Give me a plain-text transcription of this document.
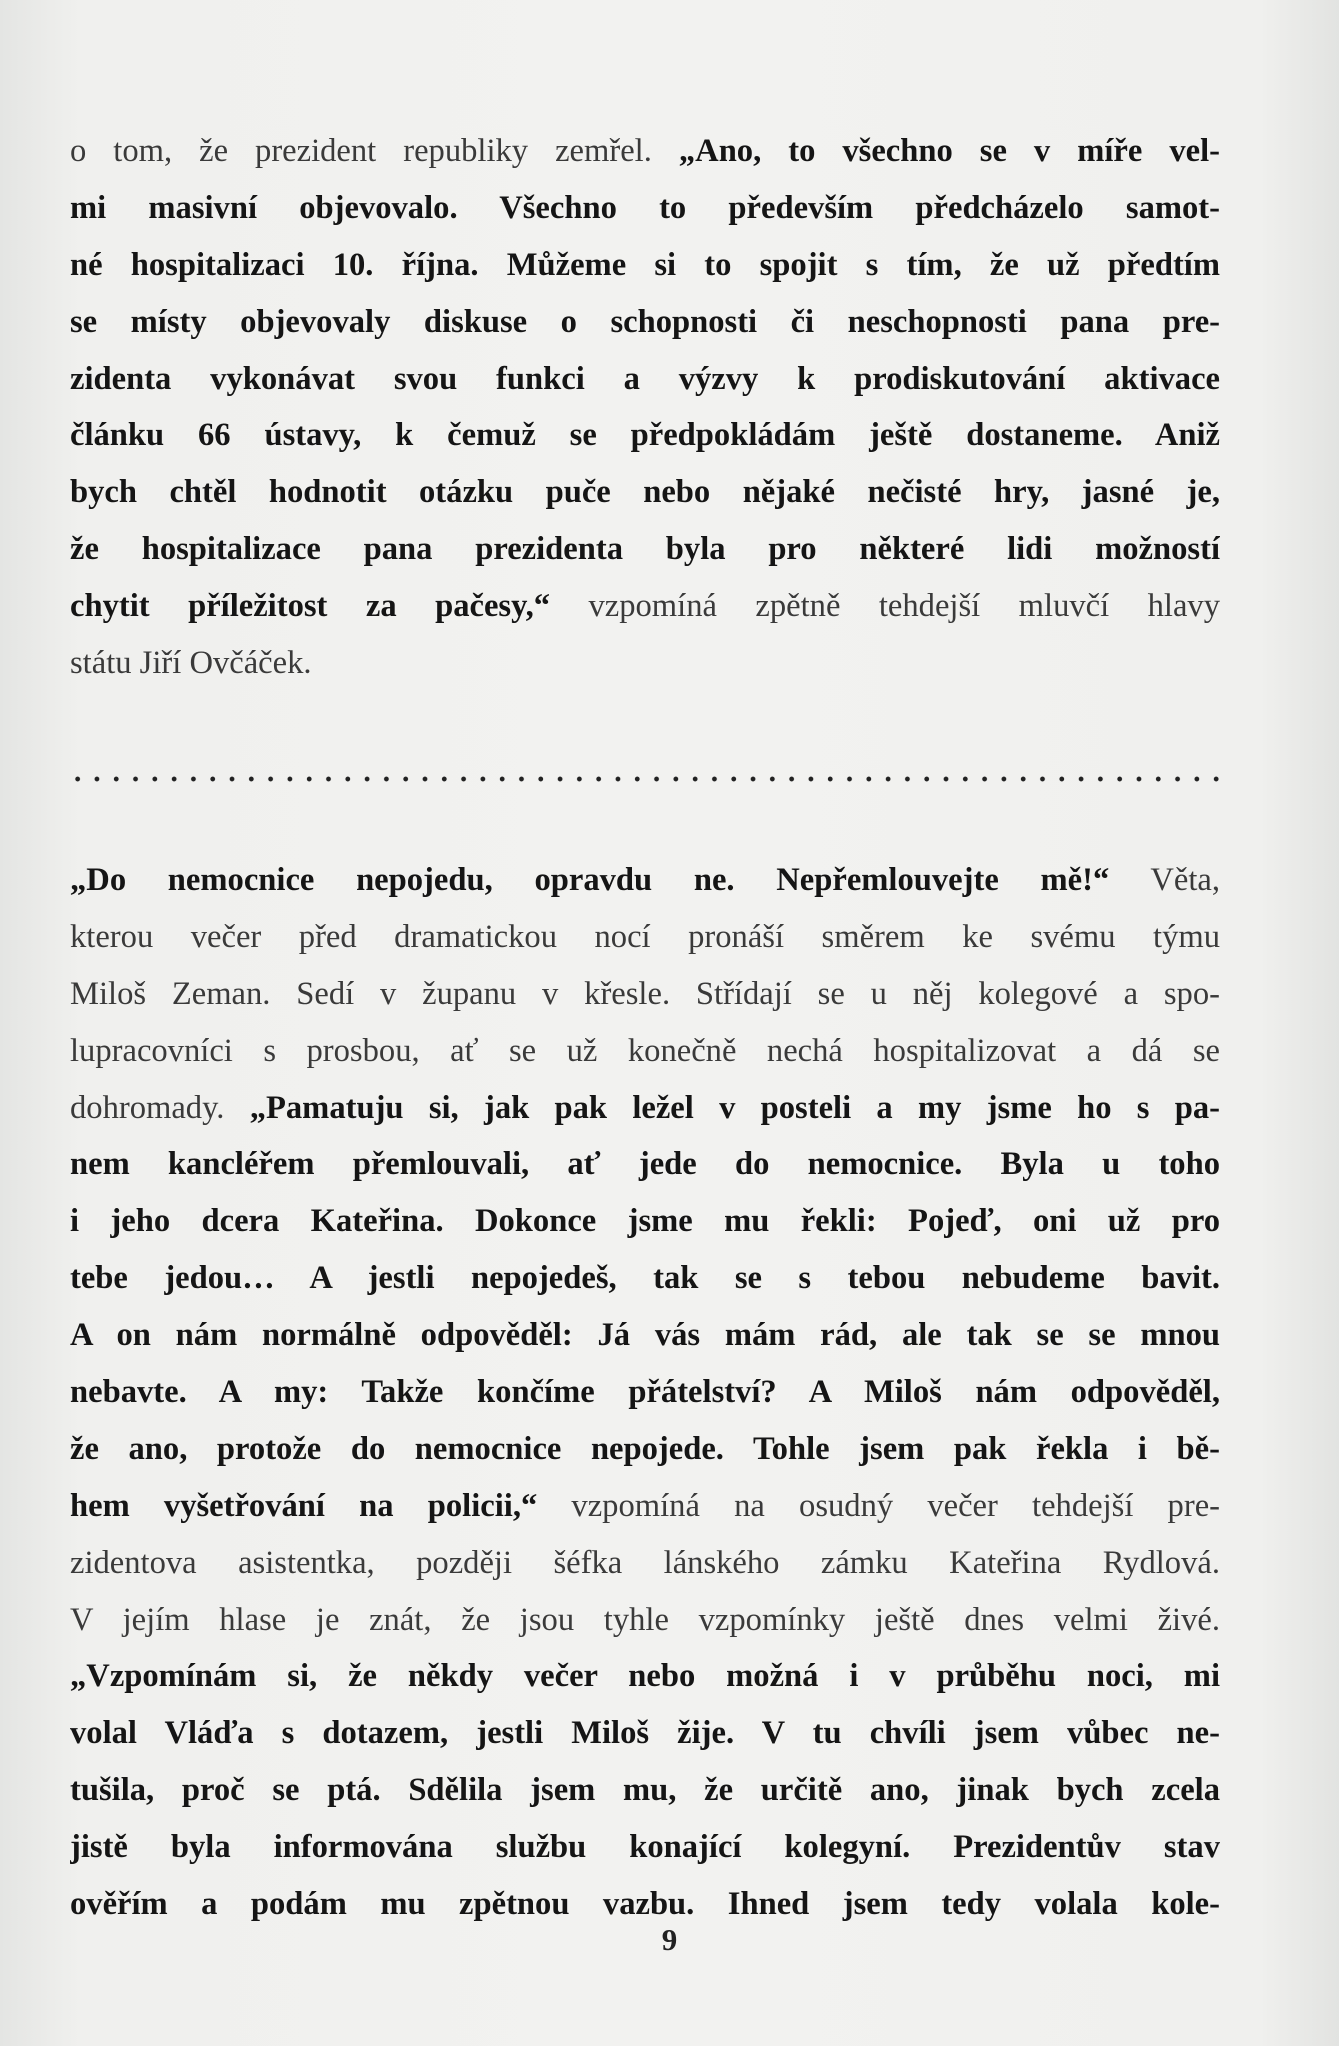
o tom, že prezident republiky zemřel. „Ano, to všechno se v míře vel-
mi masivní objevovalo. Všechno to především předcházelo samot-
né hospitalizaci 10. října. Můžeme si to spojit s tím, že už předtím
se místy objevovaly diskuse o schopnosti či neschopnosti pana pre-
zidenta vykonávat svou funkci a výzvy k prodiskutování aktivace
článku 66 ústavy, k čemuž se předpokládám ještě dostaneme. Aniž
bych chtěl hodnotit otázku puče nebo nějaké nečisté hry, jasné je,
že hospitalizace pana prezidenta byla pro některé lidi možností
chytit příležitost za pačesy,“ vzpomíná zpětně tehdejší mluvčí hlavy
státu Jiří Ovčáček.
„Do nemocnice nepojedu, opravdu ne. Nepřemlouvejte mě!“ Věta,
kterou večer před dramatickou nocí pronáší směrem ke svému týmu
Miloš Zeman. Sedí v županu v křesle. Střídají se u něj kolegové a spo-
lupracovníci s prosbou, ať se už konečně nechá hospitalizovat a dá se
dohromady. „Pamatuju si, jak pak ležel v posteli a my jsme ho s pa-
nem kancléřem přemlouvali, ať jede do nemocnice. Byla u toho
i jeho dcera Kateřina. Dokonce jsme mu řekli: Pojeď, oni už pro
tebe jedou… A jestli nepojedeš, tak se s tebou nebudeme bavit.
A on nám normálně odpověděl: Já vás mám rád, ale tak se se mnou
nebavte. A my: Takže končíme přátelství? A Miloš nám odpověděl,
že ano, protože do nemocnice nepojede. Tohle jsem pak řekla i bě-
hem vyšetřování na policii,“ vzpomíná na osudný večer tehdejší pre-
zidentova asistentka, později šéfka lánského zámku Kateřina Rydlová.
V jejím hlase je znát, že jsou tyhle vzpomínky ještě dnes velmi živé.
„Vzpomínám si, že někdy večer nebo možná i v průběhu noci, mi
volal Vláďa s dotazem, jestli Miloš žije. V tu chvíli jsem vůbec ne-
tušila, proč se ptá. Sdělila jsem mu, že určitě ano, jinak bych zcela
jistě byla informována službu konající kolegyní. Prezidentův stav
ověřím a podám mu zpětnou vazbu. Ihned jsem tedy volala kole-
9
